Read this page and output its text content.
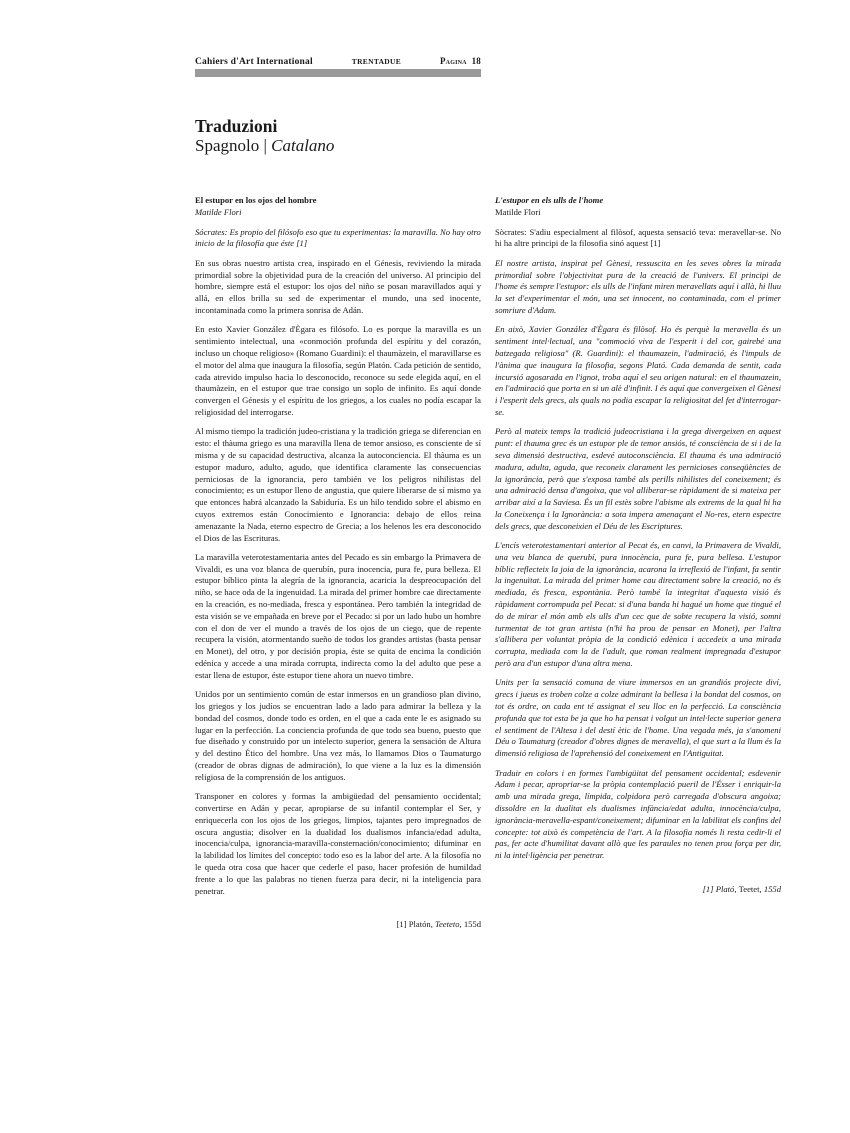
Cahiers d'Art International	TRENTADUE	Pagina 18
Traduzioni
Spagnolo | Catalano
El estupor en los ojos del hombre
Matilde Flori

Sócrates: Es propio del filósofo eso que tu experimentas: la maravilla. No hay otro inicio de la filosofía que éste [1]

En sus obras nuestro artista crea, inspirado en el Génesis, reviviendo la mirada primordial sobre la objetividad pura de la creación del universo. Al principio del hombre, siempre está el estupor: los ojos del niño se posan maravillados aquí y allá, en ellos brilla su sed de experimentar el mundo, una sed inocente, incontaminada como la primera sonrisa de Adán.

En esto Xavier González d'Ègara es filósofo. Lo es porque la maravilla es un sentimiento intelectual, una «conmoción profunda del espíritu y del corazón, incluso un choque religioso» (Romano Guardini): el thaumàzein, el maravillarse es el motor del alma que inaugura la filosofía, según Platón. Cada petición de sentido, cada atrevido impulso hacia lo desconocido, reconoce su sede elegida aquí, en el thaumàzein, en el estupor que trae consigo un soplo de infinito. Es aquí donde convergen el Génesis y el espíritu de los griegos, a los cuales no podía escapar la religiosidad del interrogarse.

Al mismo tiempo la tradición judeo-cristiana y la tradición griega se diferencian en esto: el thàuma griego es una maravilla llena de temor ansioso, es consciente de sí misma y de su capacidad destructiva, alcanza la autoconciencia. El thàuma es un estupor maduro, adulto, agudo, que identifica claramente las consecuencias perniciosas de la ignorancia, pero también ve los peligros nihilistas del conocimiento; es un estupor lleno de angustia, que quiere liberarse de sí mismo ya que entonces habrá alcanzado la Sabiduría. Es un hilo tendido sobre el abismo en cuyos extremos están Conocimiento e Ignorancia: debajo de ellos reina amenazante la Nada, eterno espectro de Grecia; a los helenos les era desconocido el Dios de las Escrituras.

La maravilla veterotestamentaria antes del Pecado es sin embargo la Primavera de Vivaldi, es una voz blanca de querubín, pura inocencia, pura fe, pura belleza. El estupor bíblico pinta la alegría de la ignorancia, acaricia la despreocupación del niño, se hace oda de la ingenuidad. La mirada del primer hombre cae directamente en la creación, es no-mediada, fresca y espontánea. Pero también la integridad de esta visión se ve empañada en breve por el Pecado: si por un lado hubo un hombre con el don de ver el mundo a través de los ojos de un ciego, que de repente recupera la visión, atormentando sueño de todos los grandes artistas (basta pensar en Monet), del otro, y por decisión propia, éste se quita de encima la condición edénica y accede a una mirada corrupta, indirecta como la del adulto que pese a estar llena de estupor, éste estupor tiene ahora un nuevo timbre.

Unidos por un sentimiento común de estar inmersos en un grandioso plan divino, los griegos y los judíos se encuentran lado a lado para admirar la belleza y la bondad del cosmos, donde todo es orden, en el que a cada ente le es asignado su lugar en la perfección. La conciencia profunda de que todo sea bueno, puesto que fue diseñado y construido por un intelecto superior, genera la sensación de Altura y del destino Ético del hombre. Una vez más, lo llamamos Dios o Taumaturgo (creador de obras dignas de admiración), lo que viene a la luz es la dimensión religiosa de la comprensión de los antiguos.

Transponer en colores y formas la ambigüedad del pensamiento occidental; convertirse en Adán y pecar, apropiarse de su infantil contemplar el Ser, y enriquecerla con los ojos de los griegos, limpios, tajantes pero impregnados de oscura angustia; disolver en la dualidad los dualismos infancia/edad adulta, inocencia/culpa, ignorancia-maravilla-consternación/conocimiento; difuminar en la labilidad los límites del concepto: todo eso es la labor del arte. A la filosofía no le queda otra cosa que hacer que cederle el paso, hacer profesión de humildad frente a lo que las palabras no tienen fuerza para decir, ni la inteligencia para penetrar.

[1] Platón, Teeteto, 155d
L'estupor en els ulls de l'home
Matilde Flori

Sòcrates: S'adiu especialment al filòsof, aquesta sensació teva: meravellar-se. No hi ha altre principi de la filosofia sinó aquest [1]

El nostre artista, inspirat pel Gènesi, ressuscita en les seves obres la mirada primordial sobre l'objectivitat pura de la creació de l'univers. El principi de l'home és sempre l'estupor: els ulls de l'infant miren meravellats aquí i allà, hi lluu la set d'experimentar el món, una set innocent, no contaminada, com el primer somriure d'Adam.

En això, Xavier González d'Ègara és filòsof. Ho és perquè la meravella és un sentiment intel·lectual, una "commoció viva de l'esperit i del cor, gairebé una batzegada religiosa" (R. Guardini): el thaumazein, l'admiració, és l'impuls de l'ànima que inaugura la filosofia, segons Plató. Cada demanda de sentit, cada incursió agosarada en l'ignot, troba aquí el seu origen natural: en el thaumazein, en l'admiració que porta en si un alè d'infinit. I és aquí que convergeixen el Gènesi i l'esperit dels grecs, als quals no podia escapar la religiositat del fet d'interrogar-se.

Però al mateix temps la tradició judeocristiana i la grega divergeixen en aquest punt: el thauma grec és un estupor ple de temor ansiós, té consciència de si i de la seva dimensió destructiva, esdevé autoconsciència. El thauma és una admiració madura, adulta, aguda, que reconeix clarament les pernicioses conseqüències de la ignorància, però que s'exposa també als perills nihilistes del coneixement; és una admiració densa d'angoixa, que vol alliberar-se ràpidament de si mateixa per arribar així a la Saviesa. És un fil estès sobre l'abisme als extrems de la qual hi ha la Coneixença i la Ignorància: a sota impera amenaçant el No-res, etern espectre dels grecs, que desconeixien el Déu de les Escriptures.

L'encís veterotestamentari anterior al Pecat és, en canvi, la Primavera de Vivaldi, una veu blanca de querubí, pura innocència, pura fe, pura bellesa. L'estupor bíblic reflecteix la joia de la ignorància, acarona la irreflexió de l'infant, fa sentir la ingenuïtat. La mirada del primer home cau directament sobre la creació, no és mediada, és fresca, espontània. Però també la integritat d'aquesta visió és ràpidament corrompuda pel Pecat: si d'una banda hi hagué un home que tingué el do de mirar el món amb els ulls d'un cec que de sobte recupera la visió, somni turmentat de tot gran artista (n'hi ha prou de pensar en Monet), per l'altra s'allibera per voluntat pròpia de la condició edènica i accedeix a una mirada corrupta, mediada com la de l'adult, que roman realment impregnada d'estupor però ara d'un estupor d'una altra mena.

Units per la sensació comuna de viure immersos en un grandiós projecte diví, grecs i jueus es troben colze a colze admirant la bellesa i la bondat del cosmos, on tot és ordre, on cada ent té assignat el seu lloc en la perfecció. La consciència profunda que tot esta be ja que ho ha pensat i volgut un intel·lecte superior genera el sentiment de l'Altesa i del destí ètic de l'home. Una vegada més, ja s'anomeni Déu o Taumaturg (creador d'obres dignes de meravella), el que surt a la llum és la dimensió religiosa de l'aprehensió del coneixement en l'Antiguitat.

Traduir en colors i en formes l'ambigüitat del pensament occidental; esdevenir Adam i pecar, apropriar-se la pròpia contemplació pueril de l'Ésser i enriquir-la amb una mirada grega, límpida, colpidora però carregada d'obscura angoixa; dissoldre en la dualitat els dualismes infància/edat adulta, innocència/culpa, ignorància-meravella-espant/coneixement; difuminar en la labilitat els confins del concepte: tot això és competència de l'art. A la filosofia només li resta cedir-li el pas, fer acte d'humilitat davant allò que les paraules no tenen prou força per dir, ni la intel·ligència per penetrar.

[1] Plató, Teetet, 155d
